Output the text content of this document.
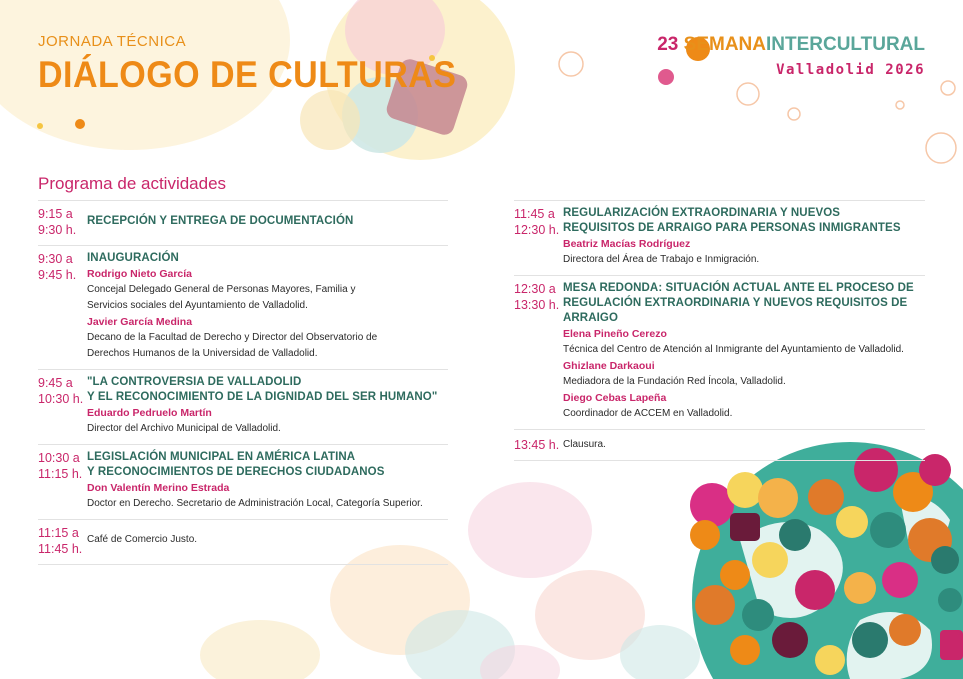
JORNADA TÉCNICA
DIÁLOGO DE CULTURAS
23 SEMANAINTERCULTURAL
Valladolid 2026
Programa de actividades
9:15 a
9:30 h.
RECEPCIÓN Y ENTREGA DE DOCUMENTACIÓN
9:30 a
9:45 h.
INAUGURACIÓN
Rodrigo Nieto García
Concejal Delegado General de Personas Mayores, Familia y
Servicios sociales del Ayuntamiento de Valladolid.
Javier García Medina
Decano de la Facultad de Derecho y Director del Observatorio de
Derechos Humanos de la Universidad de Valladolid.
9:45 a
10:30 h.
"LA CONTROVERSIA DE VALLADOLID
Y EL RECONOCIMIENTO DE LA DIGNIDAD DEL SER HUMANO"
Eduardo Pedruelo Martín
Director del Archivo Municipal de Valladolid.
10:30 a
11:15 h.
LEGISLACIÓN MUNICIPAL EN AMÉRICA LATINA
Y RECONOCIMIENTOS DE DERECHOS CIUDADANOS
Don Valentín Merino Estrada
Doctor en Derecho. Secretario de Administración Local, Categoría Superior.
11:15 a
11:45 h.
Café de Comercio Justo.
11:45 a
12:30 h.
REGULARIZACIÓN EXTRAORDINARIA Y NUEVOS
REQUISITOS DE ARRAIGO PARA PERSONAS INMIGRANTES
Beatriz Macías Rodríguez
Directora del Área de Trabajo e Inmigración.
12:30 a
13:30 h.
MESA REDONDA: SITUACIÓN ACTUAL ANTE EL PROCESO DE
REGULACIÓN EXTRAORDINARIA Y NUEVOS REQUISITOS DE ARRAIGO
Elena Pineño Cerezo
Técnica del Centro de Atención al Inmigrante del Ayuntamiento de Valladolid.
Ghizlane Darkaoui
Mediadora de la Fundación Red Íncola, Valladolid.
Diego Cebas Lapeña
Coordinador de ACCEM en Valladolid.
13:45 h. Clausura.
